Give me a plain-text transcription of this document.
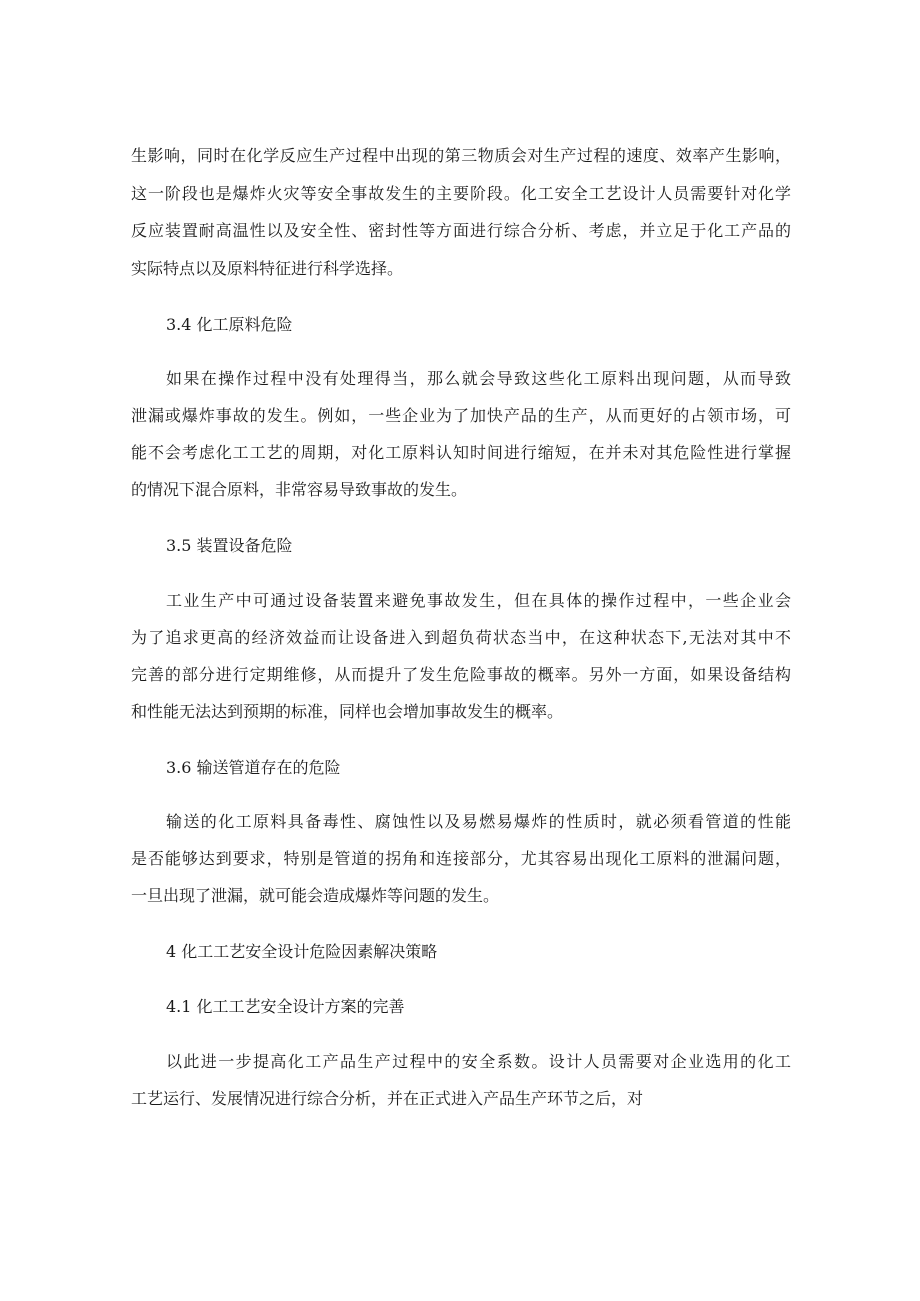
生影响，同时在化学反应生产过程中出现的第三物质会对生产过程的速度、效率产生影响，
这一阶段也是爆炸火灾等安全事故发生的主要阶段。化工安全工艺设计人员需要针对化学
反应装置耐高温性以及安全性、密封性等方面进行综合分析、考虑，并立足于化工产品的
实际特点以及原料特征进行科学选择。
3.4 化工原料危险
如果在操作过程中没有处理得当，那么就会导致这些化工原料出现问题，从而导致
泄漏或爆炸事故的发生。例如，一些企业为了加快产品的生产，从而更好的占领市场，可
能不会考虑化工工艺的周期，对化工原料认知时间进行缩短，在并未对其危险性进行掌握
的情况下混合原料，非常容易导致事故的发生。
3.5 装置设备危险
工业生产中可通过设备装置来避免事故发生，但在具体的操作过程中，一些企业会
为了追求更高的经济效益而让设备进入到超负荷状态当中，在这种状态下,无法对其中不
完善的部分进行定期维修，从而提升了发生危险事故的概率。另外一方面，如果设备结构
和性能无法达到预期的标准，同样也会增加事故发生的概率。
3.6 输送管道存在的危险
输送的化工原料具备毒性、腐蚀性以及易燃易爆炸的性质时，就必须看管道的性能
是否能够达到要求，特别是管道的拐角和连接部分，尤其容易出现化工原料的泄漏问题，
一旦出现了泄漏，就可能会造成爆炸等问题的发生。
4 化工工艺安全设计危险因素解决策略
4.1 化工工艺安全设计方案的完善
以此进一步提高化工产品生产过程中的安全系数。设计人员需要对企业选用的化工
工艺运行、发展情况进行综合分析，并在正式进入产品生产环节之后，对
